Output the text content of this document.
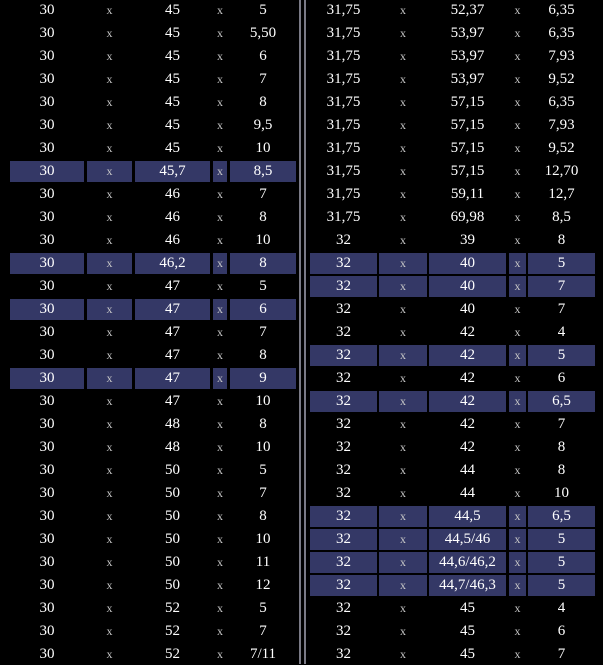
30	x	45	x	5
30	x	45	x	5,50
30	x	45	x	6
30	x	45	x	7
30	x	45	x	8
30	x	45	x	9,5
30	x	45	x	10
30	x	45,7	x	8,5
30	x	46	x	7
30	x	46	x	8
30	x	46	x	10
30	x	46,2	x	8
30	x	47	x	5
30	x	47	x	6
30	x	47	x	7
30	x	47	x	8
30	x	47	x	9
30	x	47	x	10
30	x	48	x	8
30	x	48	x	10
30	x	50	x	5
30	x	50	x	7
30	x	50	x	8
30	x	50	x	10
30	x	50	x	11
30	x	50	x	12
30	x	52	x	5
30	x	52	x	7
30	x	52	x	7/11
31,75	x	52,37	x	6,35
31,75	x	53,97	x	6,35
31,75	x	53,97	x	7,93
31,75	x	53,97	x	9,52
31,75	x	57,15	x	6,35
31,75	x	57,15	x	7,93
31,75	x	57,15	x	9,52
31,75	x	57,15	x	12,70
31,75	x	59,11	x	12,7
31,75	x	69,98	x	8,5
32	x	39	x	8
32	x	40	x	5
32	x	40	x	7
32	x	40	x	7
32	x	42	x	4
32	x	42	x	5
32	x	42	x	6
32	x	42	x	6,5
32	x	42	x	7
32	x	42	x	8
32	x	44	x	8
32	x	44	x	10
32	x	44,5	x	6,5
32	x	44,5/46	x	5
32	x	44,6/46,2	x	5
32	x	44,7/46,3	x	5
32	x	45	x	4
32	x	45	x	6
32	x	45	x	7
